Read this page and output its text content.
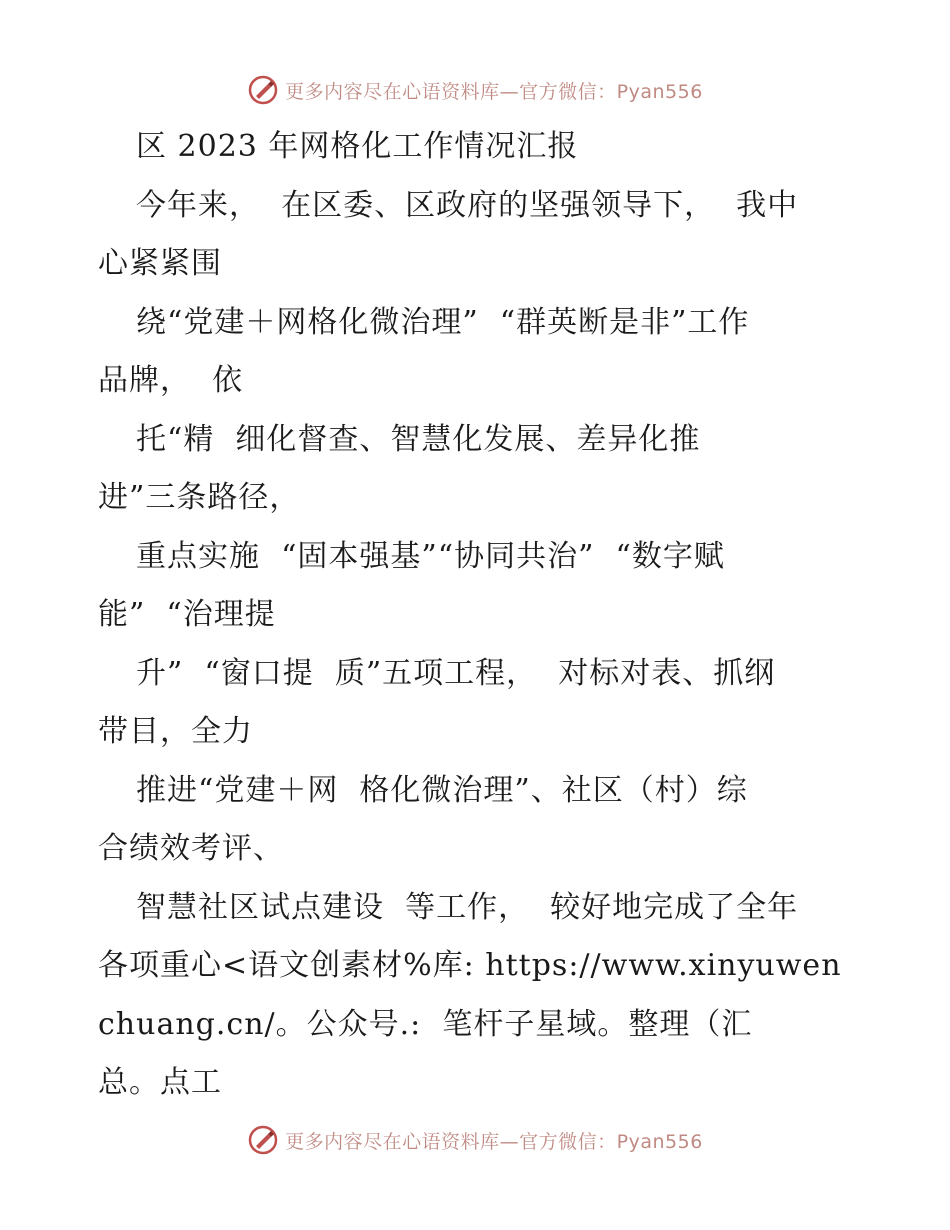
更多内容尽在心语资料库—官方微信：Pyan556
区 2023 年网格化工作情况汇报
今年来，  在区委、区政府的坚强领导下，  我中
心紧紧围
绕“党建＋网格化微治理”  “群英断是非”工作
品牌，  依
托“精  细化督查、智慧化发展、差异化推
进”三条路径，
重点实施  “固本强基”“协同共治”  “数字赋
能”  “治理提
升”  “窗口提  质”五项工程，  对标对表、抓纲
带目，全力
推进“党建＋网  格化微治理”、社区（村）综
合绩效考评、
智慧社区试点建设  等工作，  较好地完成了全年
各项重心<语文创素材%库: https://www.xinyuwen
chuang.cn/。公众号.:  笔杆子星域。整理（汇
总。点工
更多内容尽在心语资料库—官方微信：Pyan556
